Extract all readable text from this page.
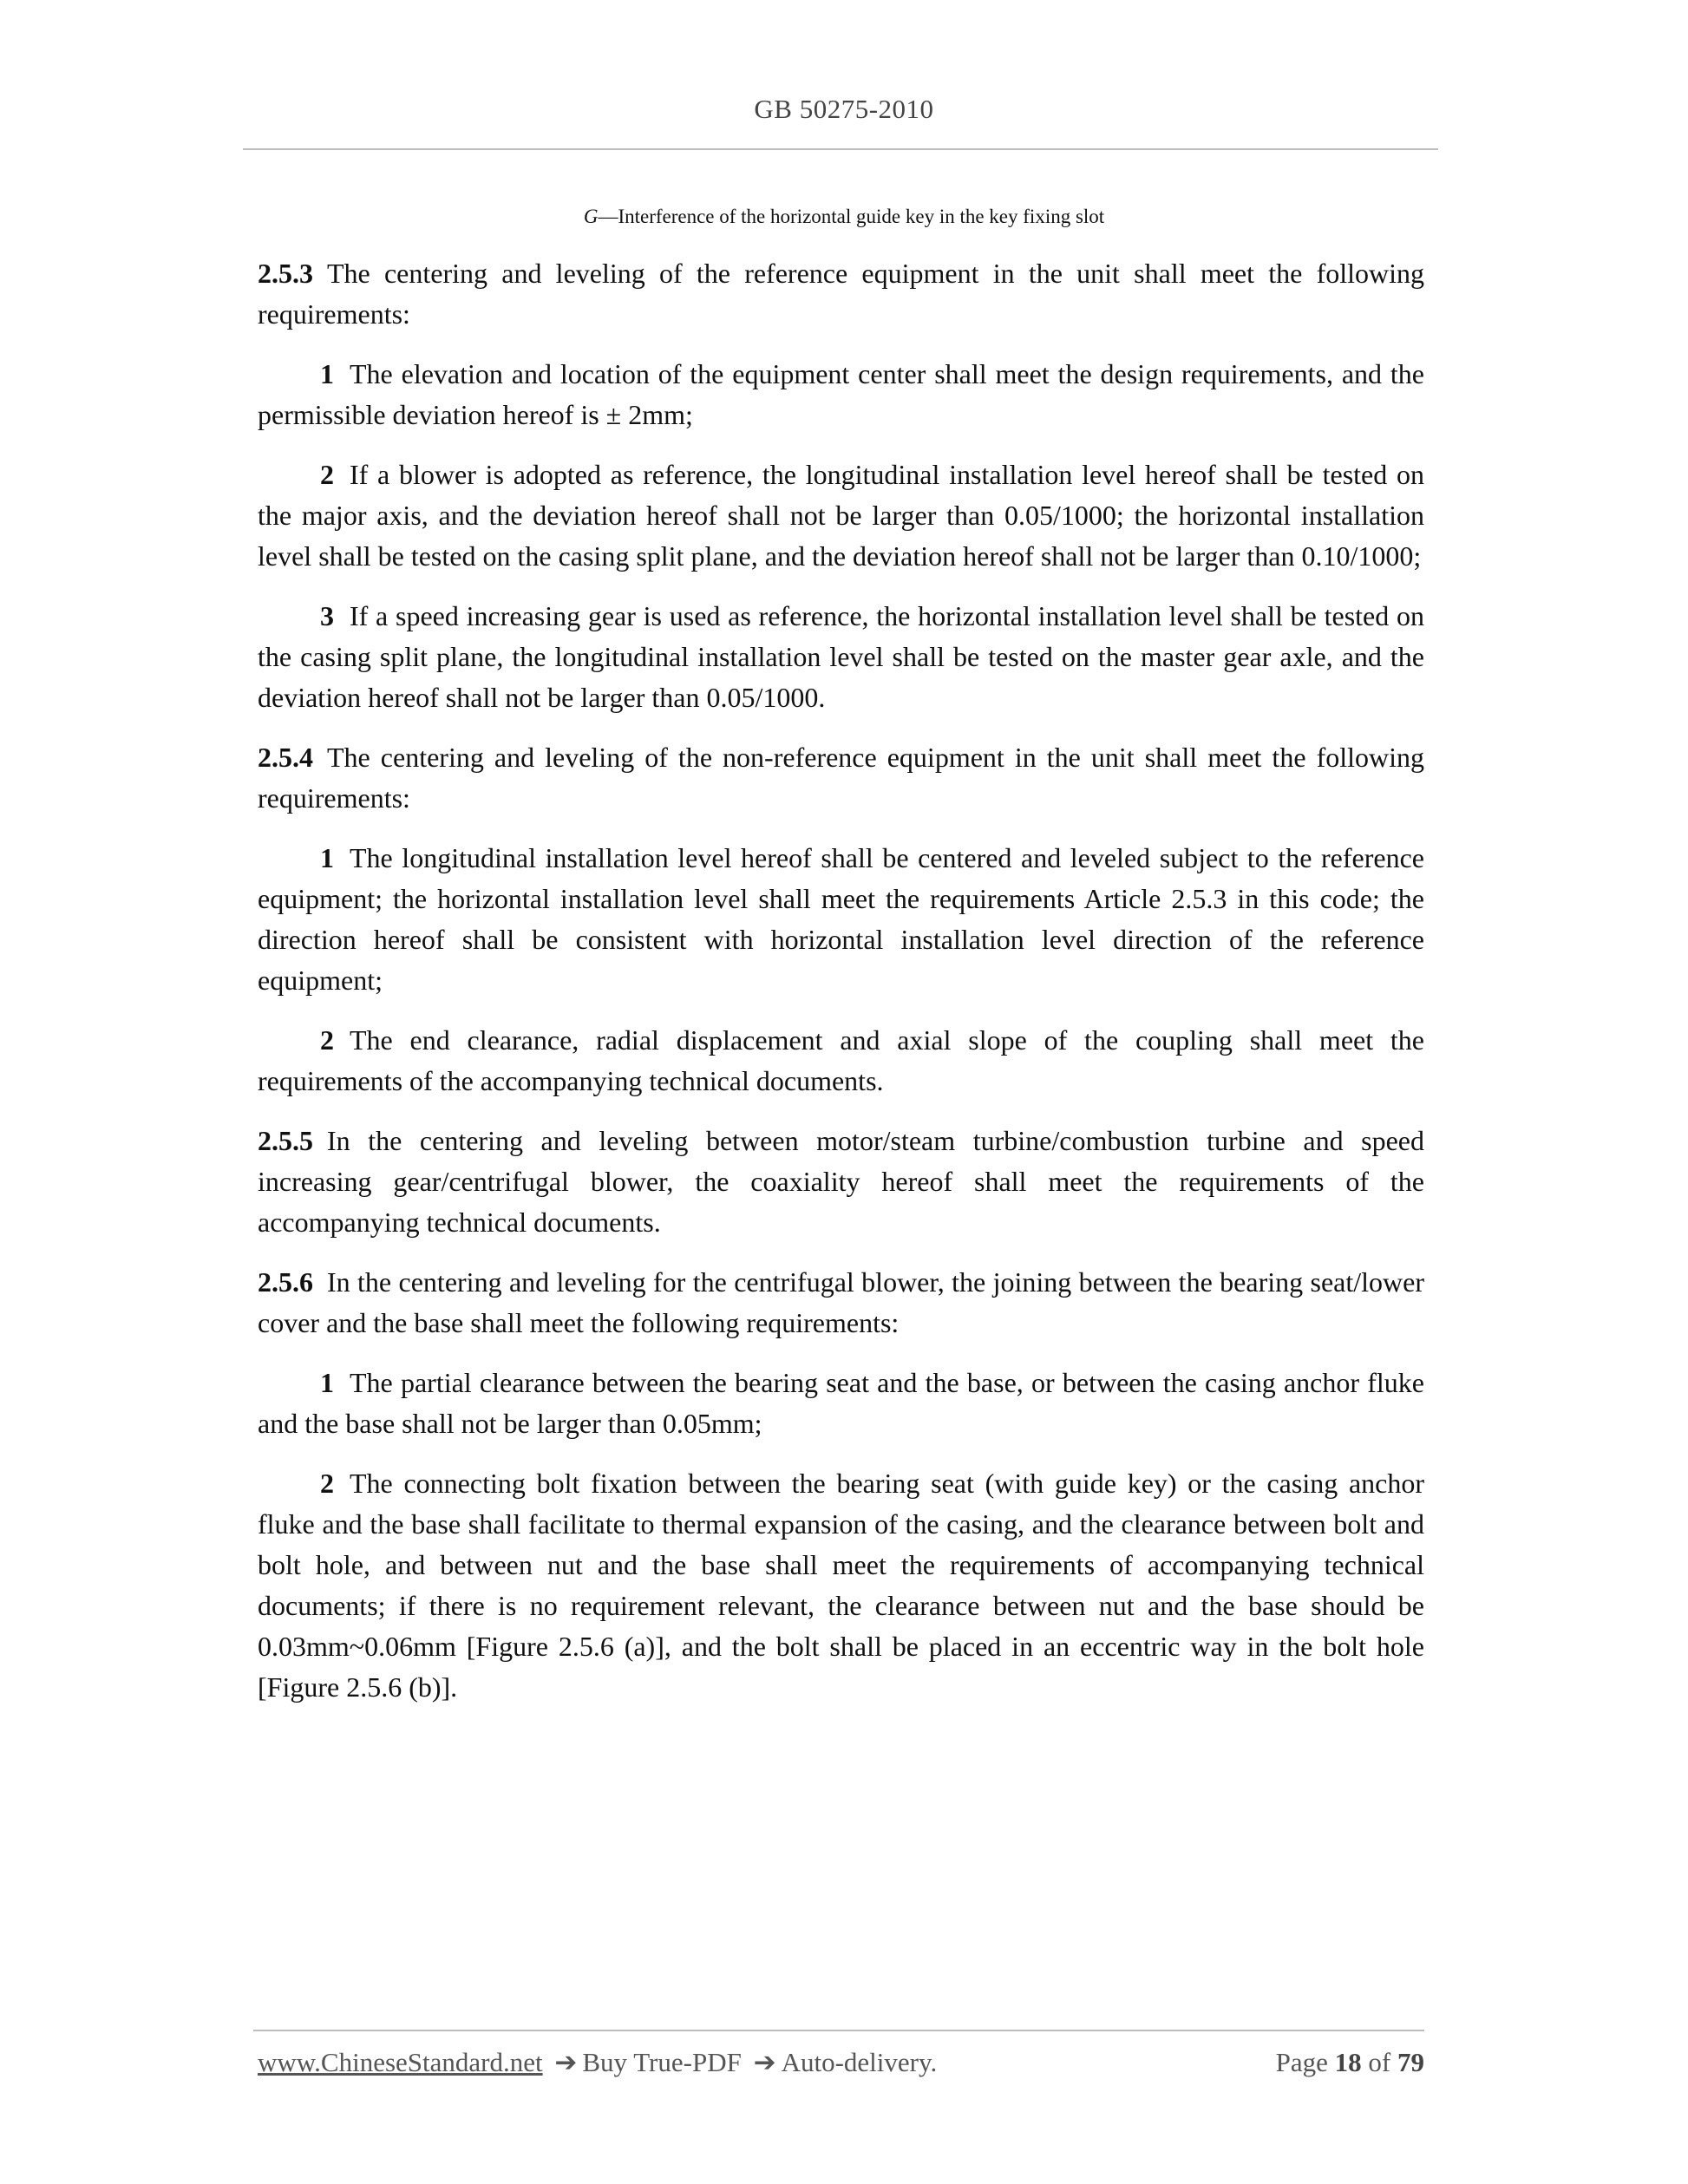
GB 50275-2010
G—Interference of the horizontal guide key in the key fixing slot

2.5.3 The centering and leveling of the reference equipment in the unit shall meet the following requirements:

1 The elevation and location of the equipment center shall meet the design requirements, and the permissible deviation hereof is ± 2mm;

2 If a blower is adopted as reference, the longitudinal installation level hereof shall be tested on the major axis, and the deviation hereof shall not be larger than 0.05/1000; the horizontal installation level shall be tested on the casing split plane, and the deviation hereof shall not be larger than 0.10/1000;

3 If a speed increasing gear is used as reference, the horizontal installation level shall be tested on the casing split plane, the longitudinal installation level shall be tested on the master gear axle, and the deviation hereof shall not be larger than 0.05/1000.

2.5.4 The centering and leveling of the non-reference equipment in the unit shall meet the following requirements:

1 The longitudinal installation level hereof shall be centered and leveled subject to the reference equipment; the horizontal installation level shall meet the requirements Article 2.5.3 in this code; the direction hereof shall be consistent with horizontal installation level direction of the reference equipment;

2 The end clearance, radial displacement and axial slope of the coupling shall meet the requirements of the accompanying technical documents.

2.5.5 In the centering and leveling between motor/steam turbine/combustion turbine and speed increasing gear/centrifugal blower, the coaxiality hereof shall meet the requirements of the accompanying technical documents.

2.5.6 In the centering and leveling for the centrifugal blower, the joining between the bearing seat/lower cover and the base shall meet the following requirements:

1 The partial clearance between the bearing seat and the base, or between the casing anchor fluke and the base shall not be larger than 0.05mm;

2 The connecting bolt fixation between the bearing seat (with guide key) or the casing anchor fluke and the base shall facilitate to thermal expansion of the casing, and the clearance between bolt and bolt hole, and between nut and the base shall meet the requirements of accompanying technical documents; if there is no requirement relevant, the clearance between nut and the base should be 0.03mm~0.06mm [Figure 2.5.6 (a)], and the bolt shall be placed in an eccentric way in the bolt hole [Figure 2.5.6 (b)].

www.ChineseStandard.net ➔ Buy True-PDF ➔ Auto-delivery.	Page 18 of 79
